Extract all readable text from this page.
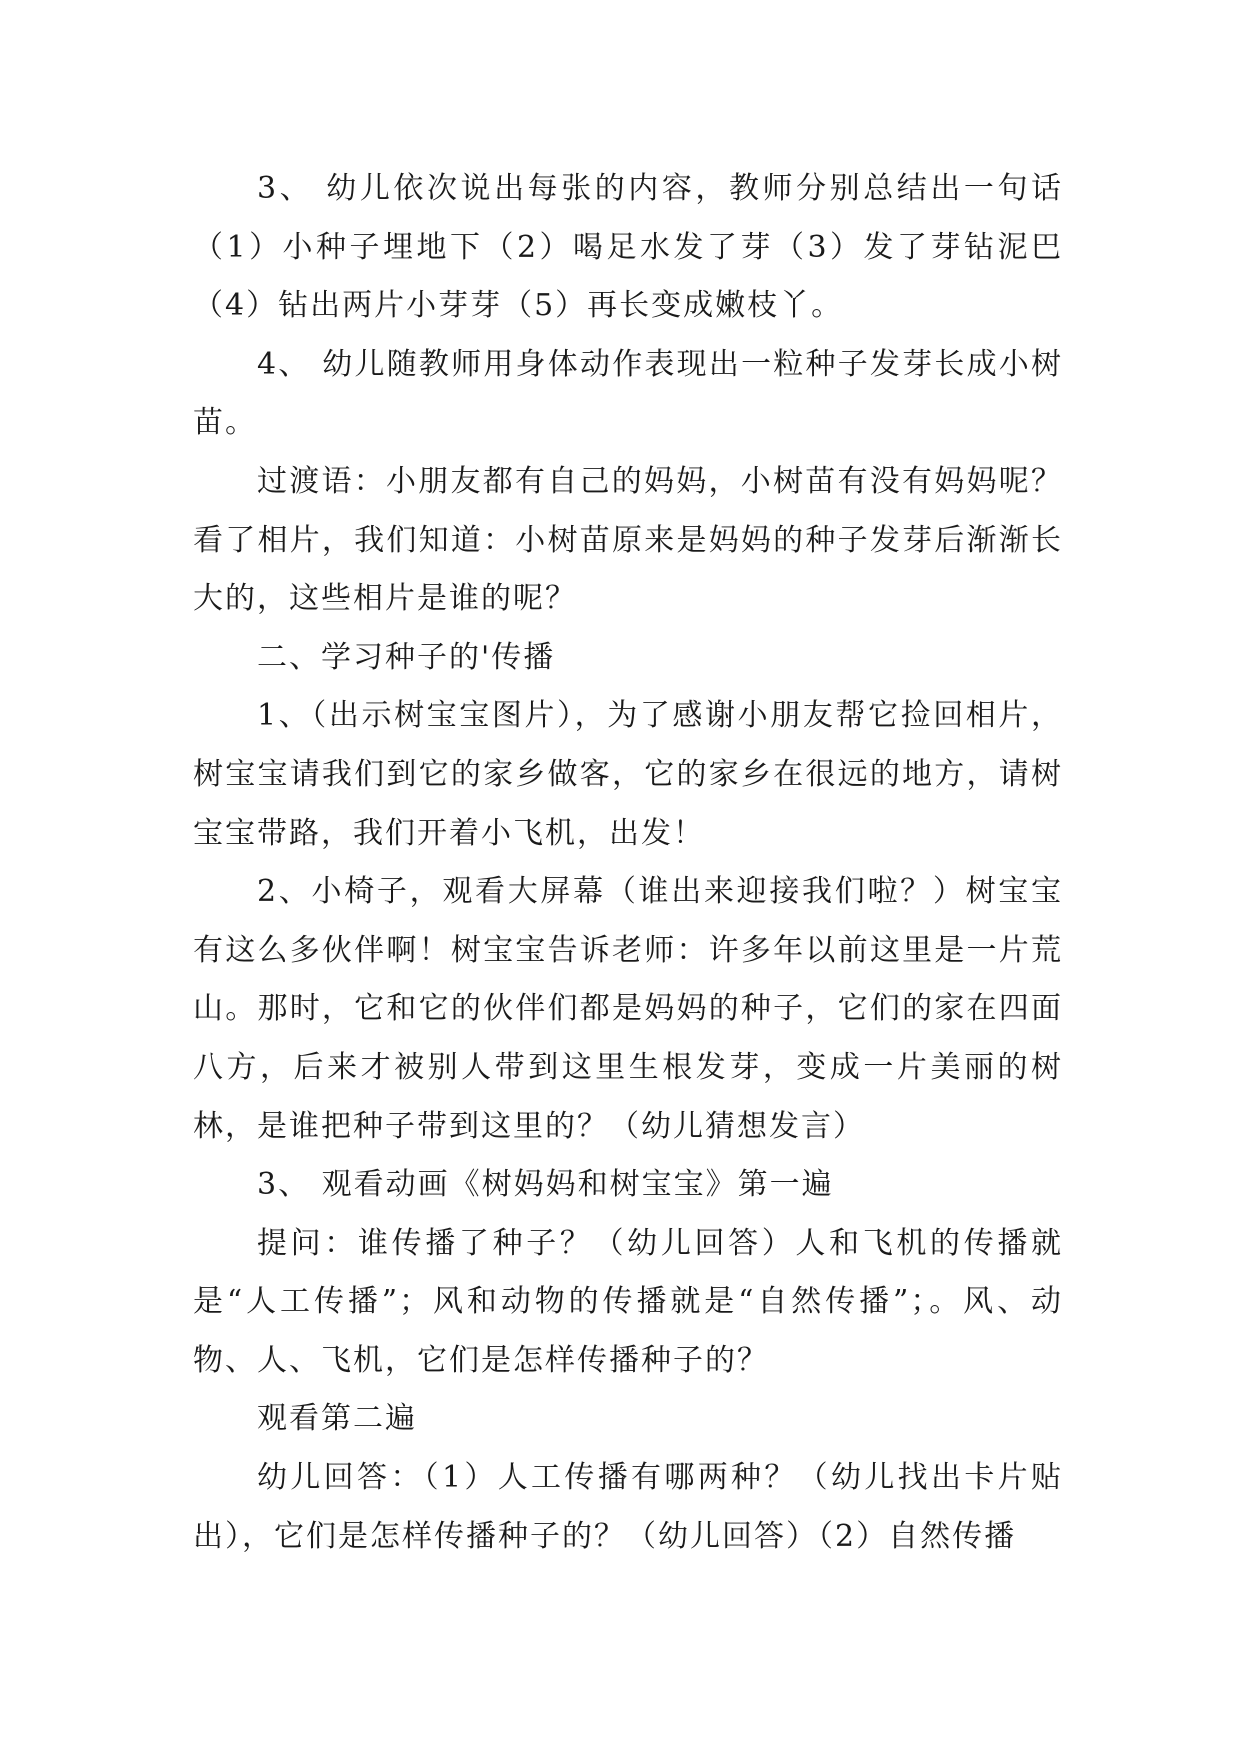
3、 幼儿依次说出每张的内容，教师分别总结出一句话（1）小种子埋地下（2）喝足水发了芽（3）发了芽钻泥巴（4）钻出两片小芽芽（5）再长变成嫩枝丫。

4、 幼儿随教师用身体动作表现出一粒种子发芽长成小树苗。

过渡语：小朋友都有自己的妈妈，小树苗有没有妈妈呢？看了相片，我们知道：小树苗原来是妈妈的种子发芽后渐渐长大的，这些相片是谁的呢？

二、学习种子的'传播

1、（出示树宝宝图片），为了感谢小朋友帮它捡回相片，树宝宝请我们到它的家乡做客，它的家乡在很远的地方，请树宝宝带路，我们开着小飞机，出发！

2、小椅子，观看大屏幕（谁出来迎接我们啦？）树宝宝有这么多伙伴啊！树宝宝告诉老师：许多年以前这里是一片荒山。那时，它和它的伙伴们都是妈妈的种子，它们的家在四面八方，后来才被别人带到这里生根发芽，变成一片美丽的树林，是谁把种子带到这里的？（幼儿猜想发言）

3、 观看动画《树妈妈和树宝宝》第一遍

提问：谁传播了种子？（幼儿回答）人和飞机的传播就是“人工传播”；风和动物的传播就是“自然传播”；。风、动物、人、飞机，它们是怎样传播种子的？

观看第二遍

幼儿回答：（1）人工传播有哪两种？（幼儿找出卡片贴出），它们是怎样传播种子的？（幼儿回答）（2）自然传播
